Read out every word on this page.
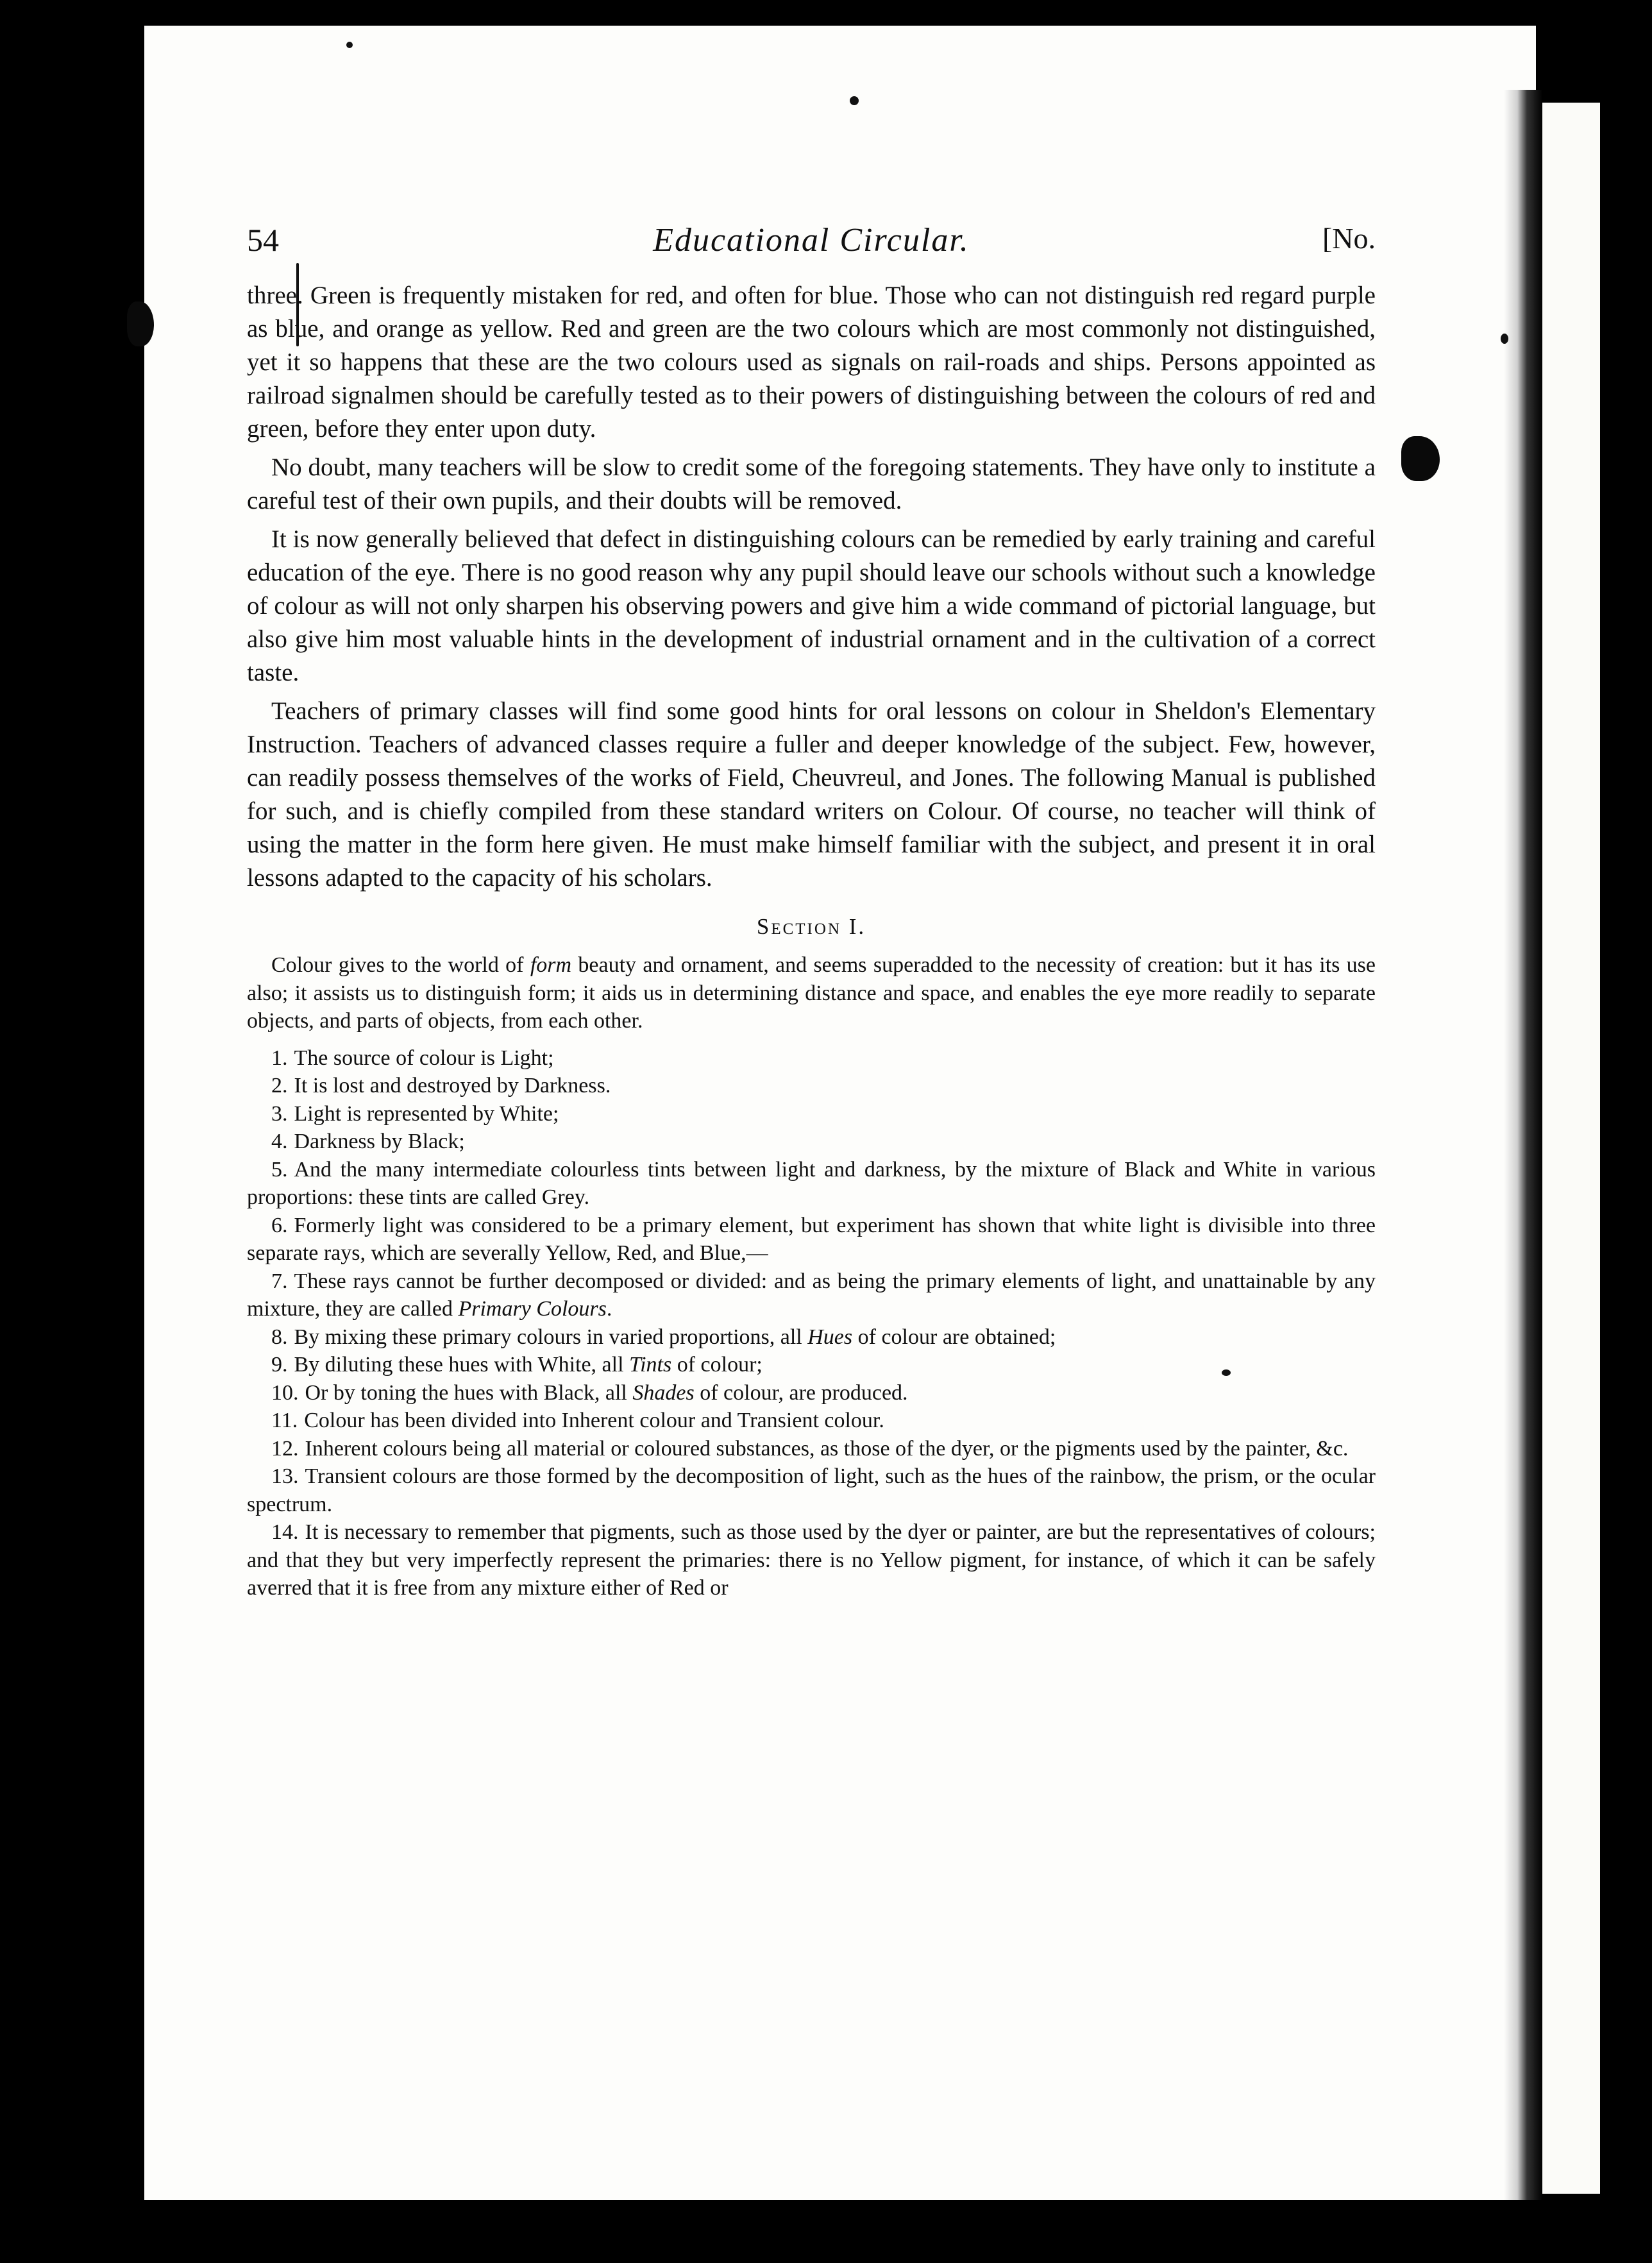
54	Educational Circular.	[No.

three. Green is frequently mistaken for red, and often for blue. Those who can not distinguish red regard purple as blue, and orange as yellow. Red and green are the two colours which are most commonly not distinguished, yet it so happens that these are the two colours used as signals on rail-roads and ships. Persons appointed as railroad signalmen should be carefully tested as to their powers of distinguishing between the colours of red and green, before they enter upon duty.

No doubt, many teachers will be slow to credit some of the foregoing statements. They have only to institute a careful test of their own pupils, and their doubts will be removed.

It is now generally believed that defect in distinguishing colours can be remedied by early training and careful education of the eye. There is no good reason why any pupil should leave our schools without such a knowledge of colour as will not only sharpen his observing powers and give him a wide command of pictorial language, but also give him most valuable hints in the development of industrial ornament and in the cultivation of a correct taste.

Teachers of primary classes will find some good hints for oral lessons on colour in Sheldon's Elementary Instruction. Teachers of advanced classes require a fuller and deeper knowledge of the subject. Few, however, can readily possess themselves of the works of Field, Cheuvreul, and Jones. The following Manual is published for such, and is chiefly compiled from these standard writers on Colour. Of course, no teacher will think of using the matter in the form here given. He must make himself familiar with the subject, and present it in oral lessons adapted to the capacity of his scholars.

Section I.

Colour gives to the world of form beauty and ornament, and seems superadded to the necessity of creation: but it has its use also; it assists us to distinguish form; it aids us in determining distance and space, and enables the eye more readily to separate objects, and parts of objects, from each other.

1. The source of colour is Light;

2. It is lost and destroyed by Darkness.

3. Light is represented by White;

4. Darkness by Black;

5. And the many intermediate colourless tints between light and darkness, by the mixture of Black and White in various proportions: these tints are called Grey.

6. Formerly light was considered to be a primary element, but experiment has shown that white light is divisible into three separate rays, which are severally Yellow, Red, and Blue,—

7. These rays cannot be further decomposed or divided: and as being the primary elements of light, and unattainable by any mixture, they are called Primary Colours.

8. By mixing these primary colours in varied proportions, all Hues of colour are obtained;

9. By diluting these hues with White, all Tints of colour;

10. Or by toning the hues with Black, all Shades of colour, are produced.

11. Colour has been divided into Inherent colour and Transient colour.

12. Inherent colours being all material or coloured substances, as those of the dyer, or the pigments used by the painter, &c.

13. Transient colours are those formed by the decomposition of light, such as the hues of the rainbow, the prism, or the ocular spectrum.

14. It is necessary to remember that pigments, such as those used by the dyer or painter, are but the representatives of colours; and that they but very imperfectly represent the primaries: there is no Yellow pigment, for instance, of which it can be safely averred that it is free from any mixture either of Red or
